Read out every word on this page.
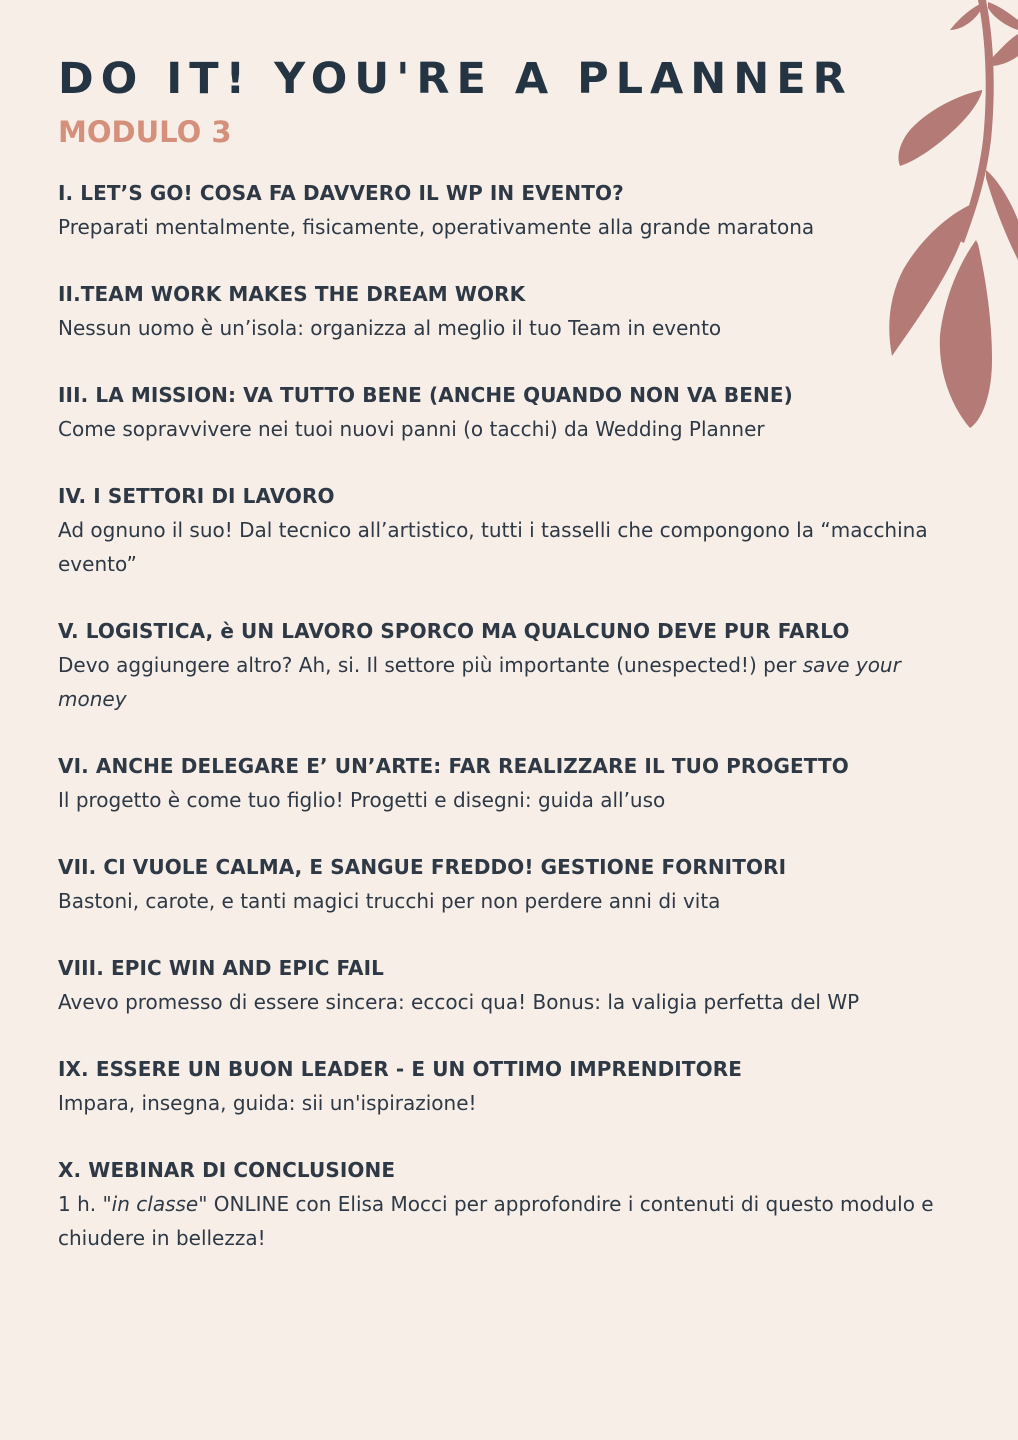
DO IT! YOU'RE A PLANNER
MODULO 3
I. LET’S GO! COSA FA DAVVERO IL WP IN EVENTO?
Preparati mentalmente, fisicamente, operativamente alla grande maratona
II.TEAM WORK MAKES THE DREAM WORK
Nessun uomo è un’isola: organizza al meglio il tuo Team in evento
III. LA MISSION: VA TUTTO BENE (ANCHE QUANDO NON VA BENE)
Come sopravvivere nei tuoi nuovi panni (o tacchi) da Wedding Planner
IV. I SETTORI DI LAVORO
Ad ognuno il suo! Dal tecnico all’artistico, tutti i tasselli che compongono la “macchina evento”
V. LOGISTICA, è UN LAVORO SPORCO MA QUALCUNO DEVE PUR FARLO
Devo aggiungere altro? Ah, si. Il settore più importante (unespected!) per save your money
VI. ANCHE DELEGARE E’ UN’ARTE: FAR REALIZZARE IL TUO PROGETTO
Il progetto è come tuo figlio! Progetti e disegni: guida all’uso
VII. CI VUOLE CALMA, E SANGUE FREDDO! GESTIONE FORNITORI
Bastoni, carote, e tanti magici trucchi per non perdere anni di vita
VIII. EPIC WIN AND EPIC FAIL
Avevo promesso di essere sincera: eccoci qua! Bonus: la valigia perfetta del WP
IX. ESSERE UN BUON LEADER - E UN OTTIMO IMPRENDITORE
Impara, insegna, guida: sii un'ispirazione!
X. WEBINAR DI CONCLUSIONE
1 h. "in classe" ONLINE con Elisa Mocci per approfondire i contenuti di questo modulo e chiudere in bellezza!
